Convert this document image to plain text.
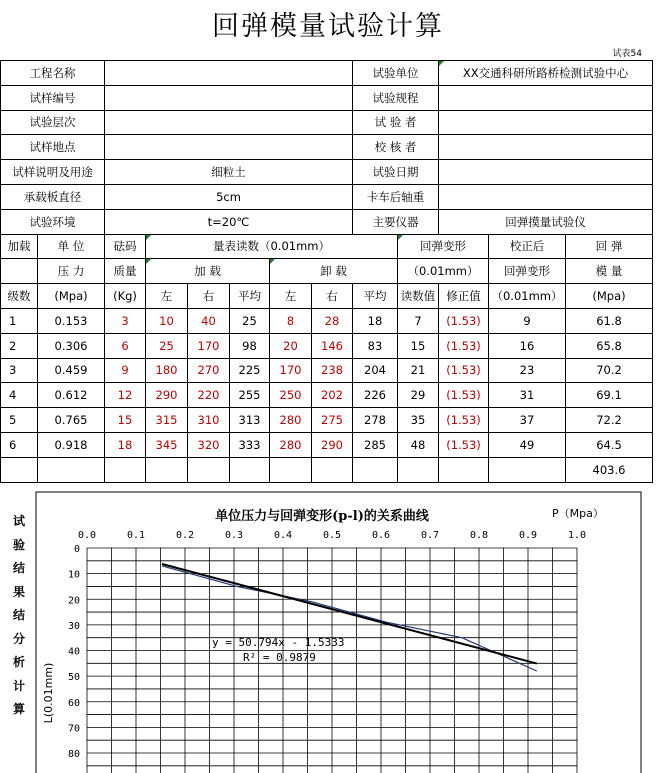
回弹模量试验计算
试表54
工程名称								试验单位		XX交通科研所路桥检测试验中心		
试样编号								试验规程				
试验层次								试 验 者				
试样地点								校 核 者				
试样说明及用途		细粒土						试验日期				
承载板直径		5cm						卡车后轴重				
试验环境		t=20℃						主要仪器		回弹摸量试验仪		
加载	单 位	砝码	量表读数（0.01mm）						回弹变形		校正后	回 弹
	压 力	质量	加 载			卸 载			（0.01mm）		回弹变形	模 量
级数	(Mpa)	(Kg)	左	右	平均	左	右	平均	读数值	修正值	（0.01mm）	(Mpa)
1	0.153	3	10	40	25	8	28	18	7	(1.53)	9	61.8
2	0.306	6	25	170	98	20	146	83	15	(1.53)	16	65.8
3	0.459	9	180	270	225	170	238	204	21	(1.53)	23	70.2
4	0.612	12	290	220	255	250	202	226	29	(1.53)	31	69.1
5	0.765	15	315	310	313	280	275	278	35	(1.53)	37	72.2
6	0.918	18	345	320	333	280	290	285	48	(1.53)	49	64.5
												403.6
试
验
结
果
结
分
析
计
算
单位压力与回弹变形(p-l)的关系曲线	P（Mpa）
0.0	0.1	0.2	0.3	0.4	0.5	0.6	0.7	0.8	0.9	1.0
0
10
20
30
40
50
60
70
80
L(0.01mm)
y = 50.794x - 1.5333
R² = 0.9879
